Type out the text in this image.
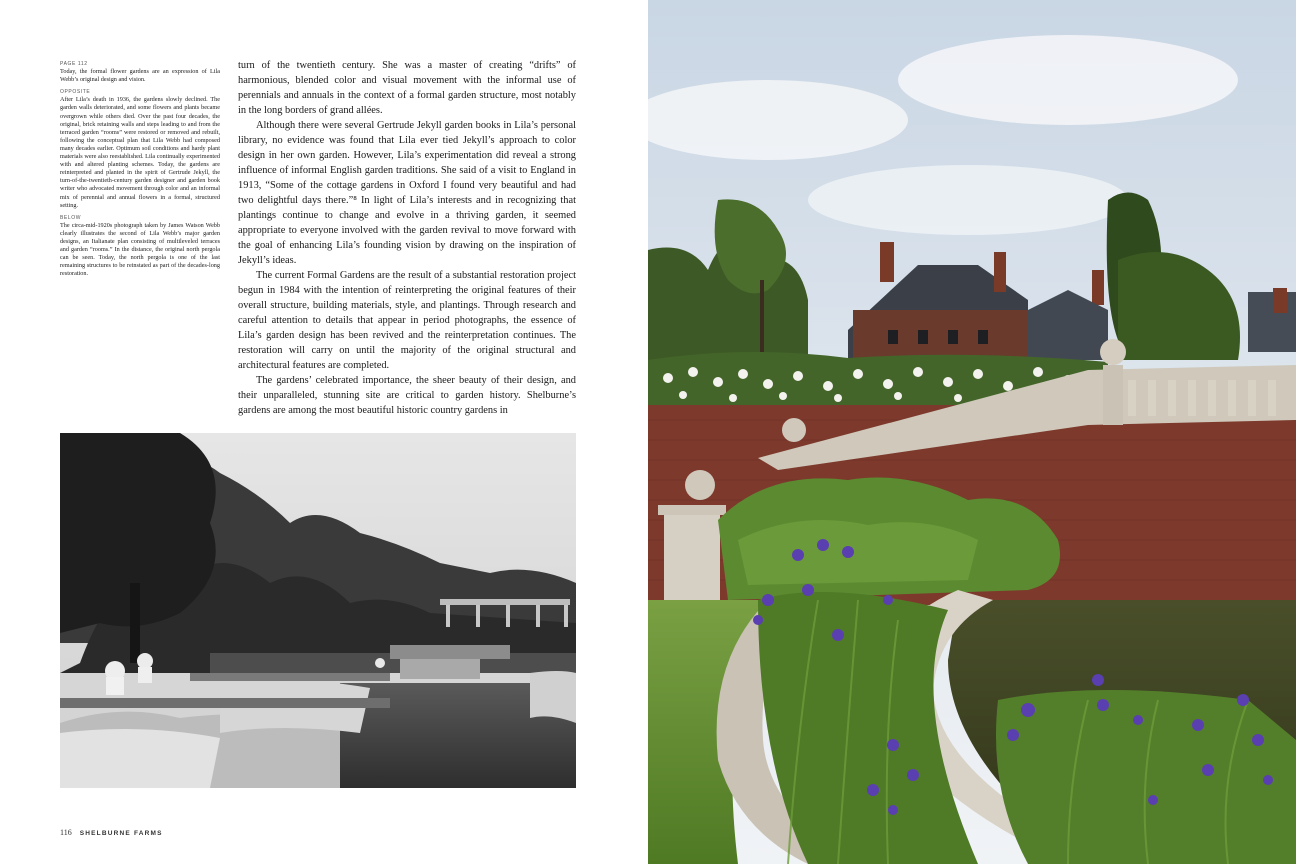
PAGE 112

Today, the formal flower gardens are an expression of Lila Webb’s original design and vision.

OPPOSITE

After Lila’s death in 1936, the gardens slowly declined. The garden walls deteriorated, and some flowers and plants became overgrown while others died. Over the past four decades, the original, brick retaining walls and steps leading to and from the terraced garden “rooms” were restored or removed and rebuilt, following the conceptual plan that Lila Webb had composed many decades earlier. Optimum soil conditions and hardy plant materials were also reestablished. Lila continually experimented with and altered planting schemes. Today, the gardens are reinterpreted and planted in the spirit of Gertrude Jekyll, the turn-of-the-twentieth-century garden designer and garden book writer who advocated movement through color and an informal mix of perennial and annual flowers in a formal, structured setting.

BELOW

The circa-mid-1920s photograph taken by James Watson Webb clearly illustrates the second of Lila Webb’s major garden designs, an Italianate plan consisting of multileveled terraces and garden “rooms.” In the distance, the original north pergola can be seen. Today, the north pergola is one of the last remaining structures to be reinstated as part of the decades-long restoration.

turn of the twentieth century. She was a master of creating “drifts” of harmonious, blended color and visual movement with the informal use of perennials and annuals in the context of a formal garden structure, most notably in the long borders of grand allées.

Although there were several Gertrude Jekyll garden books in Lila’s personal library, no evidence was found that Lila ever tied Jekyll’s approach to color design in her own garden. However, Lila’s experimentation did reveal a strong influence of informal English garden traditions. She said of a visit to England in 1913, “Some of the cottage gardens in Oxford I found very beautiful and had two delightful days there.”⁸ In light of Lila’s interests and in recognizing that plantings continue to change and evolve in a thriving garden, it seemed appropriate to everyone involved with the garden revival to move forward with the goal of enhancing Lila’s founding vision by drawing on the inspiration of Jekyll’s ideas.

The current Formal Gardens are the result of a substantial restoration project begun in 1984 with the intention of reinterpreting the original features of their overall structure, building materials, style, and plantings. Through research and careful attention to details that appear in period photographs, the essence of Lila’s garden design has been revived and the reinterpretation continues. The restoration will carry on until the majority of the original structural and architectural features are completed.

The gardens’ celebrated importance, the sheer beauty of their design, and their unparalleled, stunning site are critical to garden history. Shelburne’s gardens are among the most beautiful historic country gardens in

116 SHELBURNE FARMS
